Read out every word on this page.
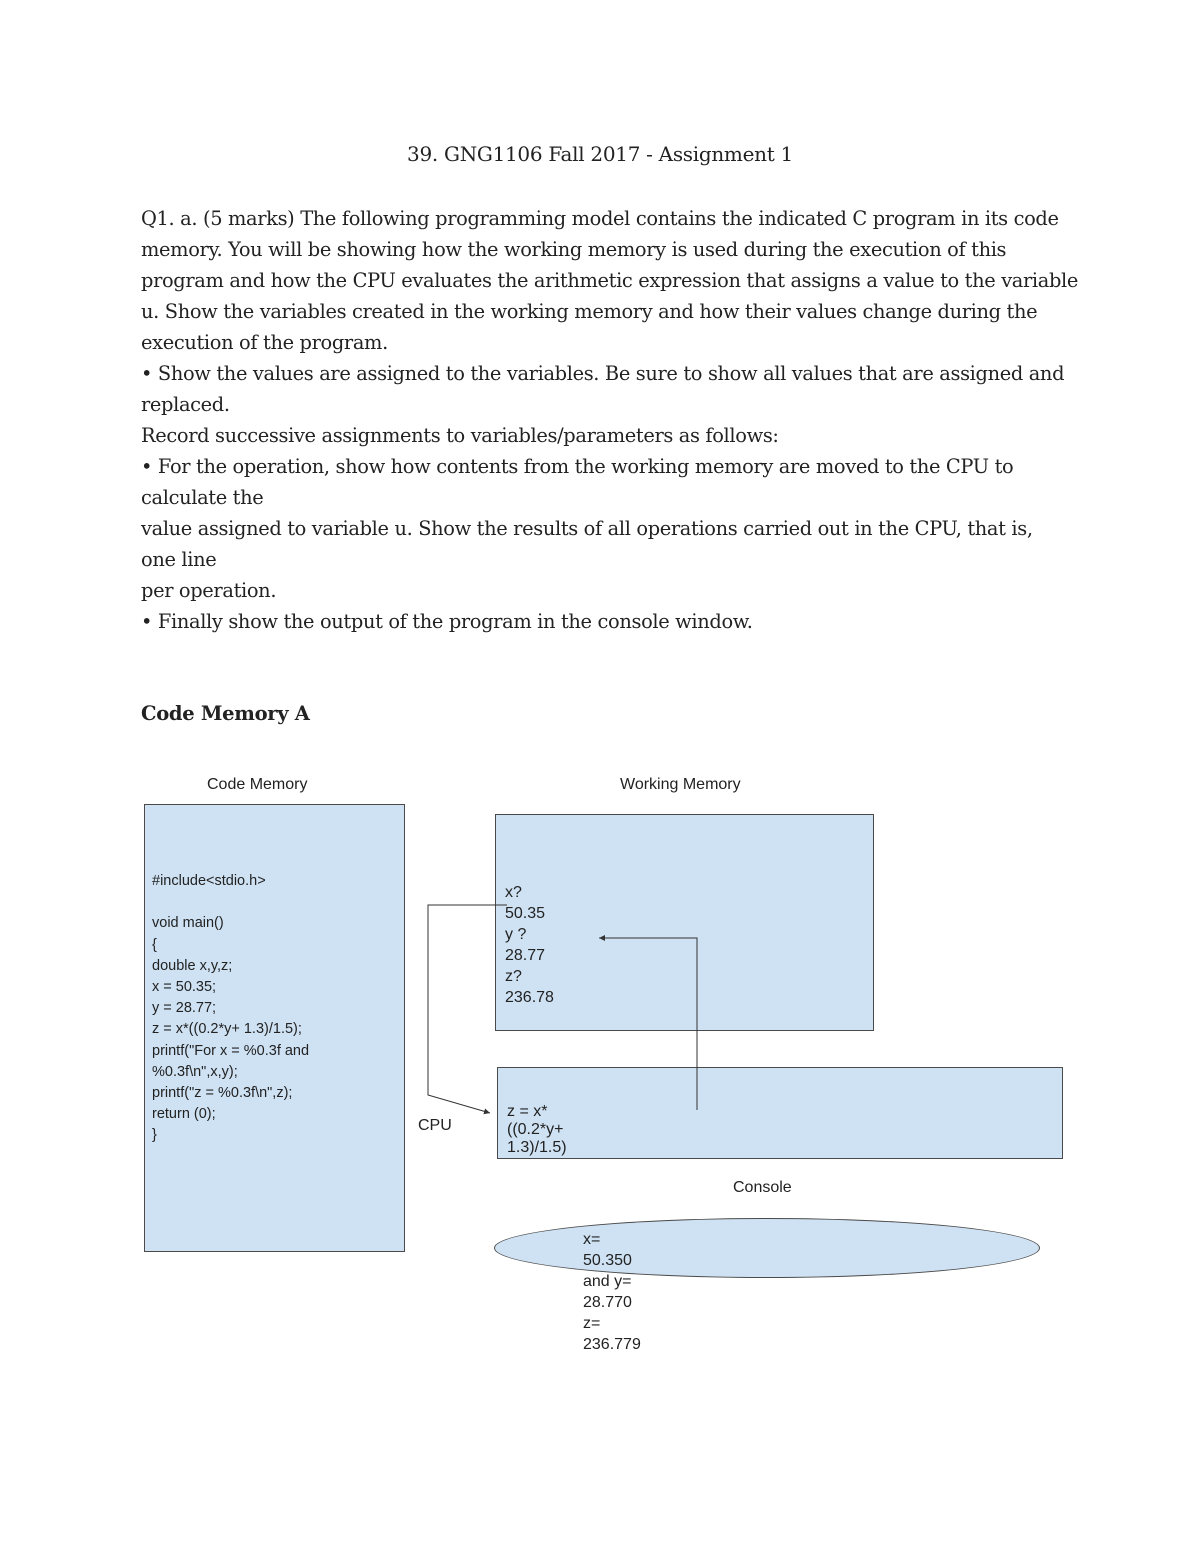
39. GNG1106 Fall 2017 - Assignment 1
Q1. a. (5 marks) The following programming model contains the indicated C program in its code
memory. You will be showing how the working memory is used during the execution of this
program and how the CPU evaluates the arithmetic expression that assigns a value to the variable
u. Show the variables created in the working memory and how their values change during the
execution of the program.
• Show the values are assigned to the variables. Be sure to show all values that are assigned and
replaced.
Record successive assignments to variables/parameters as follows:
• For the operation, show how contents from the working memory are moved to the CPU to
calculate the
value assigned to variable u. Show the results of all operations carried out in the CPU, that is,
one line
per operation.
• Finally show the output of the program in the console window.
Code Memory A
Code Memory
#include<stdio.h>

void main()
{
double x,y,z;
x = 50.35;
y = 28.77;
z = x*((0.2*y+ 1.3)/1.5);
printf("For x = %0.3f and
%0.3f\n",x,y);
printf("z = %0.3f\n",z);
return (0);
}
Working Memory
x?50.35
y ?28.77
z?236.78
CPU
z = x*((0.2*y+ 1.3)/1.5)
Console
x= 50.350 and y= 28.770
z= 236.779
